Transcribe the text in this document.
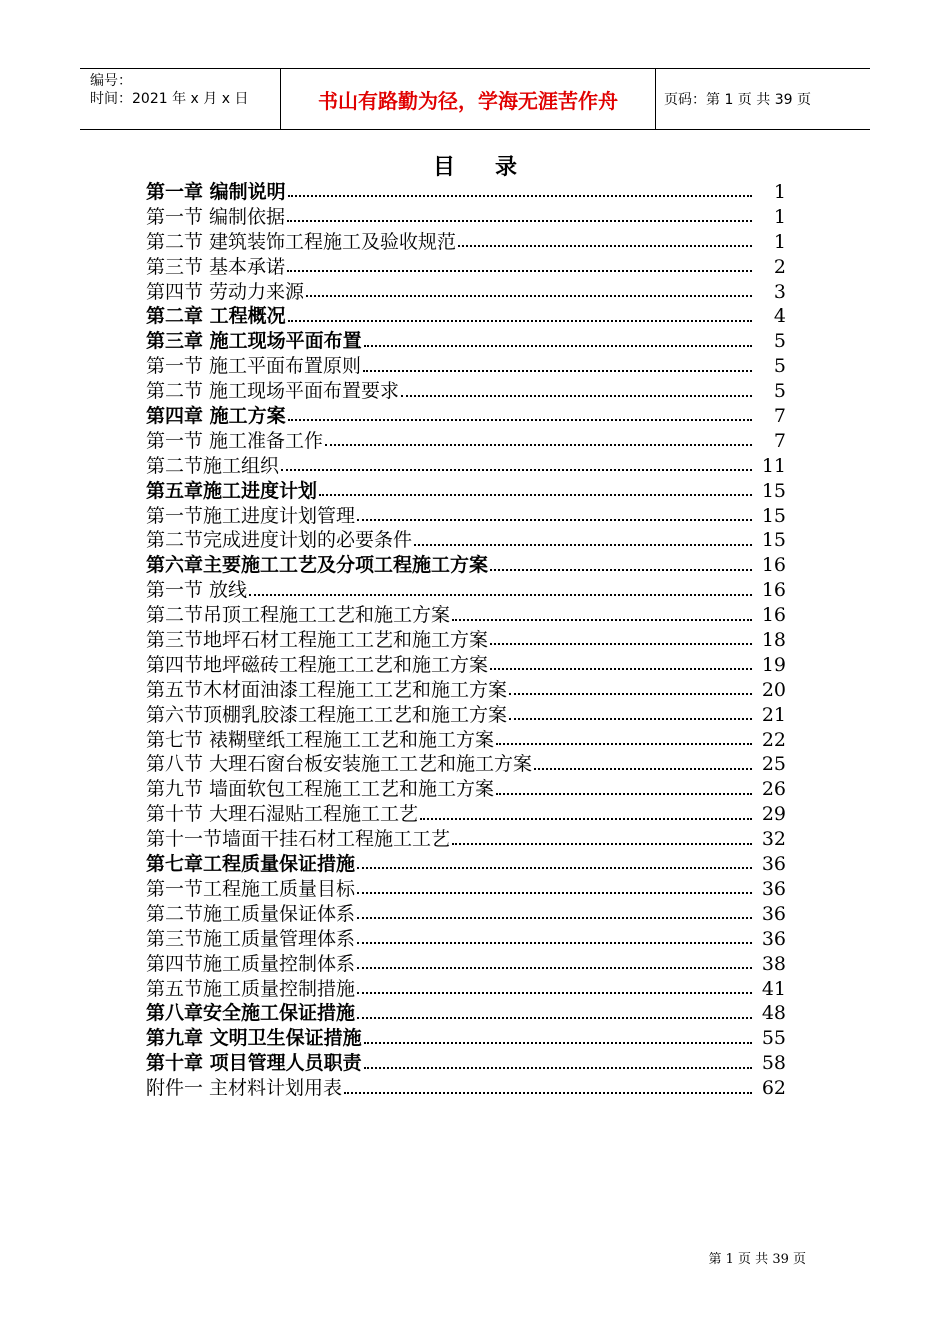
编号：
时间：2021 年 x 月 x 日	书山有路勤为径，学海无涯苦作舟	页码：第 1 页 共 39 页
目录
第一章 编制说明	1
第一节 编制依据	1
第二节 建筑装饰工程施工及验收规范	1
第三节 基本承诺	2
第四节 劳动力来源	3
第二章 工程概况	4
第三章 施工现场平面布置	5
第一节 施工平面布置原则	5
第二节 施工现场平面布置要求	5
第四章 施工方案	7
第一节 施工准备工作	7
第二节施工组织	11
第五章施工进度计划	15
第一节施工进度计划管理	15
第二节完成进度计划的必要条件	15
第六章主要施工工艺及分项工程施工方案	16
第一节 放线	16
第二节吊顶工程施工工艺和施工方案	16
第三节地坪石材工程施工工艺和施工方案	18
第四节地坪磁砖工程施工工艺和施工方案	19
第五节木材面油漆工程施工工艺和施工方案	20
第六节顶棚乳胶漆工程施工工艺和施工方案	21
第七节 裱糊壁纸工程施工工艺和施工方案	22
第八节 大理石窗台板安装施工工艺和施工方案	25
第九节 墙面软包工程施工工艺和施工方案	26
第十节 大理石湿贴工程施工工艺	29
第十一节墙面干挂石材工程施工工艺	32
第七章工程质量保证措施	36
第一节工程施工质量目标	36
第二节施工质量保证体系	36
第三节施工质量管理体系	36
第四节施工质量控制体系	38
第五节施工质量控制措施	41
第八章安全施工保证措施	48
第九章 文明卫生保证措施	55
第十章 项目管理人员职责	58
附件一 主材料计划用表	62
第 1 页 共 39 页
